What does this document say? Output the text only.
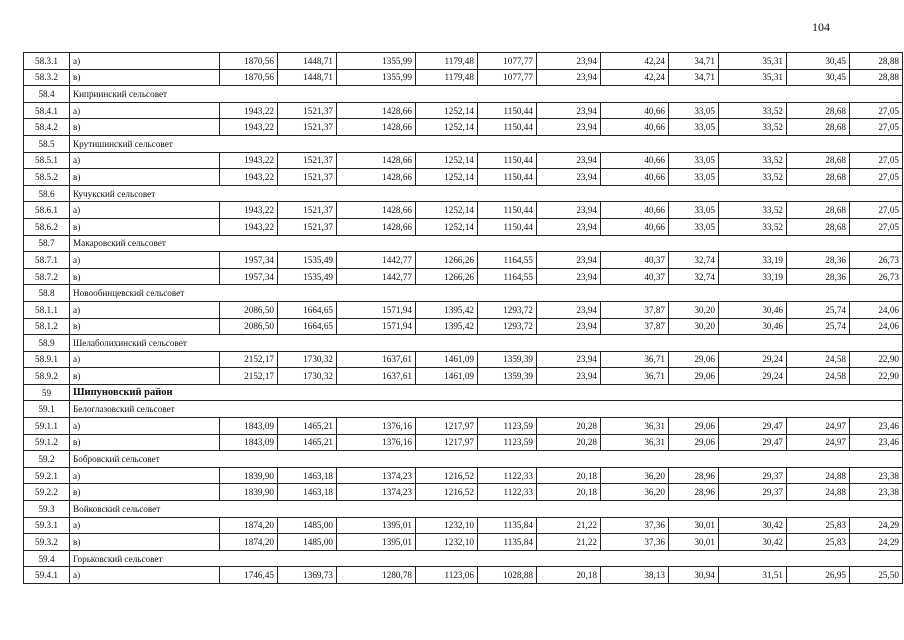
104
58.3.1	а)	1870,56	1448,71	1355,99	1179,48	1077,77	23,94	42,24	34,71	35,31	30,45	28,88
58.3.2	в)	1870,56	1448,71	1355,99	1179,48	1077,77	23,94	42,24	34,71	35,31	30,45	28,88
58.4	Киприинский сельсовет											
58.4.1	а)	1943,22	1521,37	1428,66	1252,14	1150,44	23,94	40,66	33,05	33,52	28,68	27,05
58.4.2	в)	1943,22	1521,37	1428,66	1252,14	1150,44	23,94	40,66	33,05	33,52	28,68	27,05
58.5	Крутишинский сельсовет											
58.5.1	а)	1943,22	1521,37	1428,66	1252,14	1150,44	23,94	40,66	33,05	33,52	28,68	27,05
58.5.2	в)	1943,22	1521,37	1428,66	1252,14	1150,44	23,94	40,66	33,05	33,52	28,68	27,05
58.6	Кучукский сельсовет											
58.6.1	а)	1943,22	1521,37	1428,66	1252,14	1150,44	23,94	40,66	33,05	33,52	28,68	27,05
58.6.2	в)	1943,22	1521,37	1428,66	1252,14	1150,44	23,94	40,66	33,05	33,52	28,68	27,05
58.7	Макаровский сельсовет											
58.7.1	а)	1957,34	1535,49	1442,77	1266,26	1164,55	23,94	40,37	32,74	33,19	28,36	26,73
58.7.2	в)	1957,34	1535,49	1442,77	1266,26	1164,55	23,94	40,37	32,74	33,19	28,36	26,73
58.8	Новообинцевский сельсовет											
58.1.1	а)	2086,50	1664,65	1571,94	1395,42	1293,72	23,94	37,87	30,20	30,46	25,74	24,06
58.1.2	в)	2086,50	1664,65	1571,94	1395,42	1293,72	23,94	37,87	30,20	30,46	25,74	24,06
58.9	Шелаболихинский сельсовет											
58.9.1	а)	2152,17	1730,32	1637,61	1461,09	1359,39	23,94	36,71	29,06	29,24	24,58	22,90
58.9.2	в)	2152,17	1730,32	1637,61	1461,09	1359,39	23,94	36,71	29,06	29,24	24,58	22,90
59	Шипуновский район											
59.1	Белоглазовский сельсовет											
59.1.1	а)	1843,09	1465,21	1376,16	1217,97	1123,59	20,28	36,31	29,06	29,47	24,97	23,46
59.1.2	в)	1843,09	1465,21	1376,16	1217,97	1123,59	20,28	36,31	29,06	29,47	24,97	23,46
59.2	Бобровский сельсовет											
59.2.1	а)	1839,90	1463,18	1374,23	1216,52	1122,33	20,18	36,20	28,96	29,37	24,88	23,38
59.2.2	в)	1839,90	1463,18	1374,23	1216,52	1122,33	20,18	36,20	28,96	29,37	24,88	23,38
59.3	Войковский сельсовет											
59.3.1	а)	1874,20	1485,00	1395,01	1232,10	1135,84	21,22	37,36	30,01	30,42	25,83	24,29
59.3.2	в)	1874,20	1485,00	1395,01	1232,10	1135,84	21,22	37,36	30,01	30,42	25,83	24,29
59.4	Горьковский сельсовет											
59.4.1	а)	1746,45	1369,73	1280,78	1123,06	1028,88	20,18	38,13	30,94	31,51	26,95	25,50
